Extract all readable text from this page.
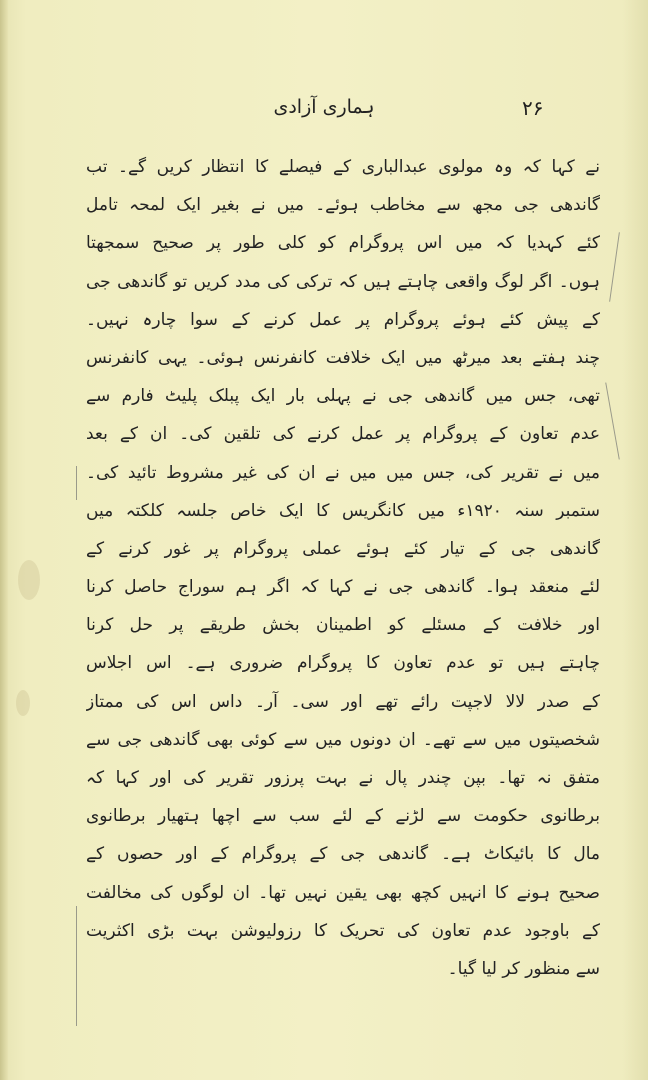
۲۶
ہماری آزادی
نے کہا کہ وہ مولوی عبدالباری کے فیصلے کا انتظار کریں گے۔ تب
گاندھی جی مجھ سے مخاطب ہوئے۔ میں نے بغیر ایک لمحہ تامل
کئے کہدیا کہ میں اس پروگرام کو کلی طور پر صحیح سمجھتا
ہوں۔ اگر لوگ واقعی چاہتے ہیں کہ ترکی کی مدد کریں تو گاندھی جی
کے پیش کئے ہوئے پروگرام پر عمل کرنے کے سوا چارہ نہیں۔
چند ہفتے بعد میرٹھ میں ایک خلافت کانفرنس ہوئی۔ یہی کانفرنس
تھی، جس میں گاندھی جی نے پہلی بار ایک پبلک پلیٹ فارم سے
عدم تعاون کے پروگرام پر عمل کرنے کی تلقین کی۔ ان کے بعد
میں نے تقریر کی، جس میں میں نے ان کی غیر مشروط تائید کی۔
ستمبر سنہ ۱۹۲۰ء میں کانگریس کا ایک خاص جلسہ کلکتہ میں
گاندھی جی کے تیار کئے ہوئے عملی پروگرام پر غور کرنے کے
لئے منعقد ہوا۔ گاندھی جی نے کہا کہ اگر ہم سوراج حاصل کرنا
اور خلافت کے مسئلے کو اطمینان بخش طریقے پر حل کرنا
چاہتے ہیں تو عدم تعاون کا پروگرام ضروری ہے۔ اس اجلاس
کے صدر لالا لاجپت رائے تھے اور سی۔ آر۔ داس اس کی ممتاز
شخصیتوں میں سے تھے۔ ان دونوں میں سے کوئی بھی گاندھی جی سے
متفق نہ تھا۔ بپن چندر پال نے بہت پرزور تقریر کی اور کہا کہ
برطانوی حکومت سے لڑنے کے لئے سب سے اچھا ہتھیار برطانوی
مال کا بائیکاٹ ہے۔ گاندھی جی کے پروگرام کے اور حصوں کے
صحیح ہونے کا انہیں کچھ بھی یقین نہیں تھا۔ ان لوگوں کی مخالفت
کے باوجود عدم تعاون کی تحریک کا رزولیوشن بہت بڑی اکثریت
سے منظور کر لیا گیا۔
